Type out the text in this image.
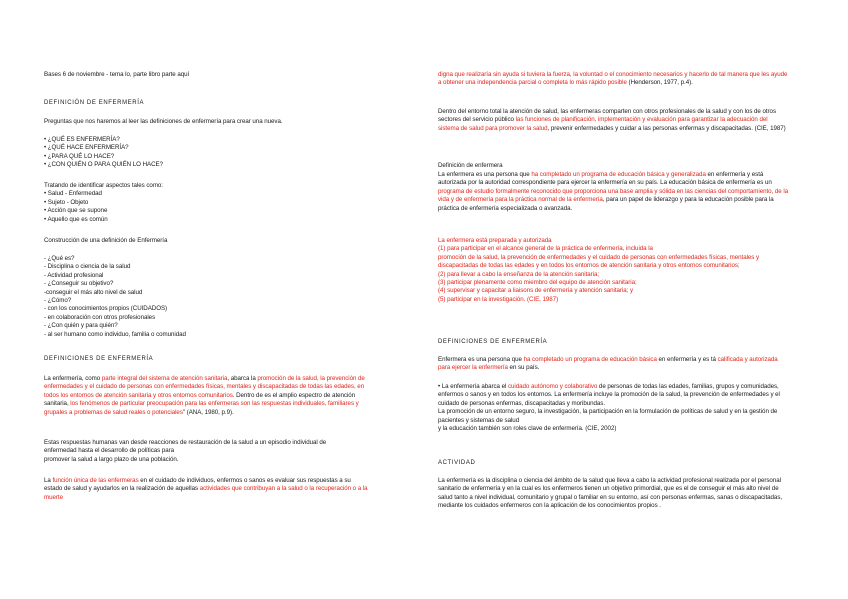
Bases 6 de noviembre - tema lo, parte libro parte aquí
DEFINICIÓN DE ENFERMERÍA
Preguntas que nos haremos al leer las definiciones de enfermería para crear una nueva.
• ¿QUÉ ES ENFERMERÍA?
• ¿QUÉ HACE ENFERMERÍA?
• ¿PARA QUÉ LO HACE?
• ¿CON QUIÉN O PARA QUIÉN LO HACE?
Tratando de identificar aspectos tales como:
• Salud - Enfermedad
• Sujeto - Objeto
• Acción que se supone
• Aquello que es común
Construcción de una definición de Enfermería
- ¿Qué es?
- Disciplina o ciencia de la salud
- Actividad profesional
- ¿Conseguir su objetivo?
-conseguir el más alto nivel de salud
- ¿Cómo?
- con los conocimientos propios (CUIDADOS)
- en colaboración con otros profesionales
- ¿Con quién y para quién?
- al ser humano como individuo, familia o comunidad
DEFINICIONES DE ENFERMERÍA
La enfermería, como parte integral del sistema de atención sanitaria, abarca la promoción de la salud, la prevención de enfermedades y el cuidado de personas con enfermedades físicas, mentales y discapacitadas de todas las edades, en todos los entornos de atención sanitaria y otros entornos comunitarios. Dentro de es el amplio espectro de atención sanitaria, los fenómenos de particular preocupación para las enfermeras son las respuestas individuales, familiares y grupales a problemas de salud reales o potenciales" (ANA, 1980, p.9).
Estas respuestas humanas van desde reacciones de restauración de la salud a un episodio individual de
enfermedad hasta el desarrollo de políticas para
promover la salud a largo plazo de una población.
La función única de las enfermeras en el cuidado de individuos, enfermos o sanos es evaluar sus respuestas a su estado de salud y ayudarlos en la realización de aquellas actividades que contribuyan a la salud o la recuperación o a la muerte
digna que realizaría sin ayuda si tuviera la fuerza, la voluntad o el conocimiento necesarios y hacerlo de tal manera que les ayude a obtener una independencia parcial o completa lo más rápido posible (Henderson, 1977, p.4).
Dentro del entorno total la atención de salud, las enfermeras comparten con otros profesionales de la salud y con los de otros sectores del servicio público las funciones de planificación, implementación y evaluación para garantizar la adecuación del sistema de salud para promover la salud, prevenir enfermedades y cuidar a las personas enfermas y discapacitadas. (CIE, 1987)
Definición de enfermera
La enfermera es una persona que ha completado un programa de educación básica y generalizada en enfermería y está autorizada por la autoridad correspondiente para ejercer la enfermería en su país. La educación básica de enfermería es un programa de estudio formalmente reconocido que proporciona una base amplia y sólida en las ciencias del comportamiento, de la vida y de enfermería para la práctica normal de la enfermería, para un papel de liderazgo y para la educación posible para la práctica de enfermería especializada o avanzada.
La enfermera está preparada y autorizada
(1) para participar en el alcance general de la práctica de enfermería, incluida la
promoción de la salud, la prevención de enfermedades y el cuidado de personas con enfermedades físicas, mentales y discapacitadas de todas las edades y en todos los entornos de atención sanitaria y otros entornos comunitarios;
(2) para llevar a cabo la enseñanza de la atención sanitaria;
(3) participar plenamente como miembro del equipo de atención sanitaria;
(4) supervisar y capacitar a liaisons de enfermería y atención sanitaria; y
(5) participar en la investigación. (CIE, 1987)
DEFINICIONES DE ENFERMERÍA
Enfermera es una persona que ha completado un programa de educación básica en enfermería y es tá calificada y autorizada para ejercer la enfermería en su país.
• La enfermería abarca el cuidado autónomo y colaborativo de personas de todas las edades, familias, grupos y comunidades, enfermos o sanos y en todos los entornos. La enfermería incluye la promoción de la salud, la prevención de enfermedades y el cuidado de personas enfermas, discapacitadas y moribundas.
La promoción de un entorno seguro, la investigación, la participación en la formulación de políticas de salud y en la gestión de pacientes y sistemas de salud
y la educación también son roles clave de enfermería. (CIE, 2002)
ACTIVIDAD
La enfermería es la disciplina o ciencia del ámbito de la salud que lleva a cabo la actividad profesional realizada por el personal sanitario de enfermería y en la cual es los enfermeros tienen un objetivo primordial, que es el de conseguir el más alto nivel de salud tanto a nivel individual, comunitario y grupal o familiar en su entorno, así con personas enfermas, sanas o discapacitadas, mediante los cuidados enfermeros con la aplicación de los conocimientos propios .
